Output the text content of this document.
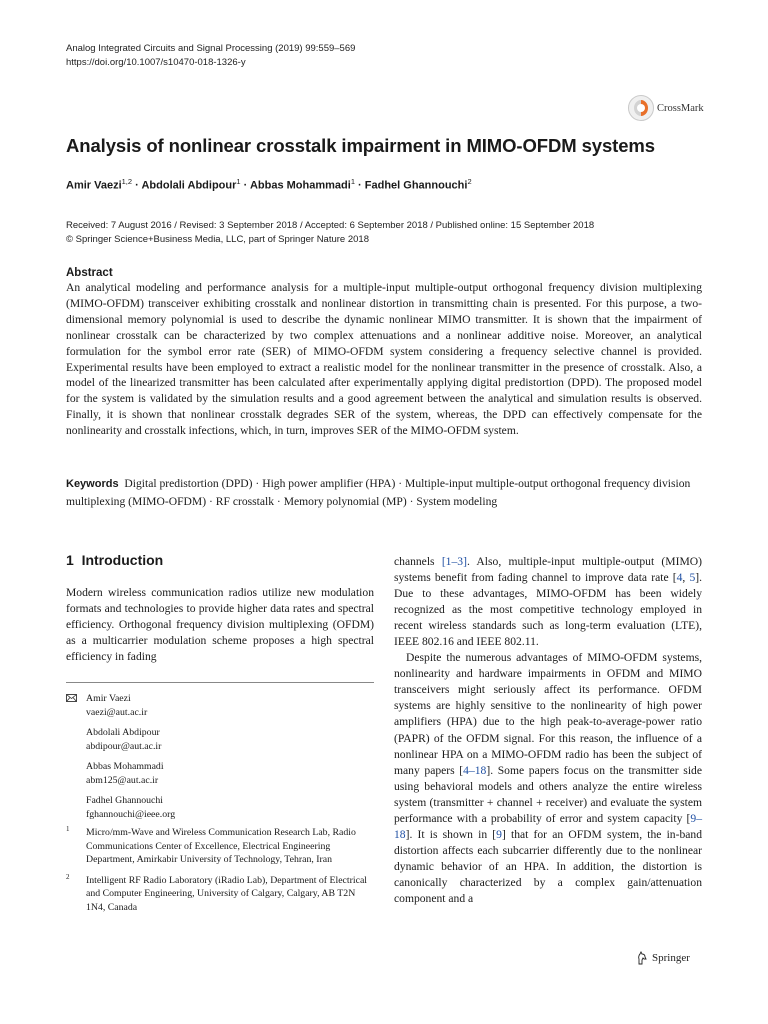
Analog Integrated Circuits and Signal Processing (2019) 99:559–569
https://doi.org/10.1007/s10470-018-1326-y
CrossMark
Analysis of nonlinear crosstalk impairment in MIMO-OFDM systems
Amir Vaezi$^{1,2}$ · Abdolali Abdipour$^1$ · Abbas Mohammadi$^1$ · Fadhel Ghannouchi$^2$
Received: 7 August 2016 / Revised: 3 September 2018 / Accepted: 6 September 2018 / Published online: 15 September 2018
© Springer Science+Business Media, LLC, part of Springer Nature 2018
Abstract
An analytical modeling and performance analysis for a multiple-input multiple-output orthogonal frequency division multiplexing (MIMO-OFDM) transceiver exhibiting crosstalk and nonlinear distortion in transmitting chain is presented. For this purpose, a two-dimensional memory polynomial is used to describe the dynamic nonlinear MIMO transmitter. It is shown that the impairment of nonlinear crosstalk can be characterized by two complex attenuations and a nonlinear additive noise. Moreover, an analytical formulation for the symbol error rate (SER) of MIMO-OFDM system considering a frequency selective channel is provided. Experimental results have been employed to extract a realistic model for the nonlinear transmitter in the presence of crosstalk. Also, a model of the linearized transmitter has been calculated after experimentally applying digital predistortion (DPD). The proposed model for the system is validated by the simulation results and a good agreement between the analytical and simulation results is observed. Finally, it is shown that nonlinear crosstalk degrades SER of the system, whereas, the DPD can effectively compensate for the nonlinearity and crosstalk infections, which, in turn, improves SER of the MIMO-OFDM system.
Keywords Digital predistortion (DPD) · High power amplifier (HPA) · Multiple-input multiple-output orthogonal frequency division multiplexing (MIMO-OFDM) · RF crosstalk · Memory polynomial (MP) · System modeling
1 Introduction

Modern wireless communication radios utilize new modulation formats and technologies to provide higher data rates and spectral efficiency. Orthogonal frequency division multiplexing (OFDM) as a multicarrier modulation scheme proposes a high spectral efficiency in fading

Amir Vaezi
vaezi@aut.ac.ir
Abdolali Abdipour
abdipour@aut.ac.ir
Abbas Mohammadi
abm125@aut.ac.ir
Fadhel Ghannouchi
fghannouchi@ieee.org
1 Micro/mm-Wave and Wireless Communication Research Lab, Radio Communications Center of Excellence, Electrical Engineering Department, Amirkabir University of Technology, Tehran, Iran
2 Intelligent RF Radio Laboratory (iRadio Lab), Department of Electrical and Computer Engineering, University of Calgary, Calgary, AB T2N 1N4, Canada

channels [1–3]. Also, multiple-input multiple-output (MIMO) systems benefit from fading channel to improve data rate [4, 5]. Due to these advantages, MIMO-OFDM has been widely recognized as the most competitive technology employed in recent wireless standards such as long-term evaluation (LTE), IEEE 802.16 and IEEE 802.11.

Despite the numerous advantages of MIMO-OFDM systems, nonlinearity and hardware impairments in OFDM and MIMO transceivers might seriously affect its performance. OFDM systems are highly sensitive to the nonlinearity of high power amplifiers (HPA) due to the high peak-to-average-power ratio (PAPR) of the OFDM signal. For this reason, the influence of a nonlinear HPA on a MIMO-OFDM radio has been the subject of many papers [4–18]. Some papers focus on the transmitter side using behavioral models and others analyze the entire wireless system (transmitter + channel + receiver) and evaluate the system performance with a probability of error and system capacity [9–18]. It is shown in [9] that for an OFDM system, the in-band distortion affects each subcarrier differently due to the nonlinear dynamic behavior of an HPA. In addition, the distortion is canonically characterized by a complex gain/attenuation component and a

Springer
